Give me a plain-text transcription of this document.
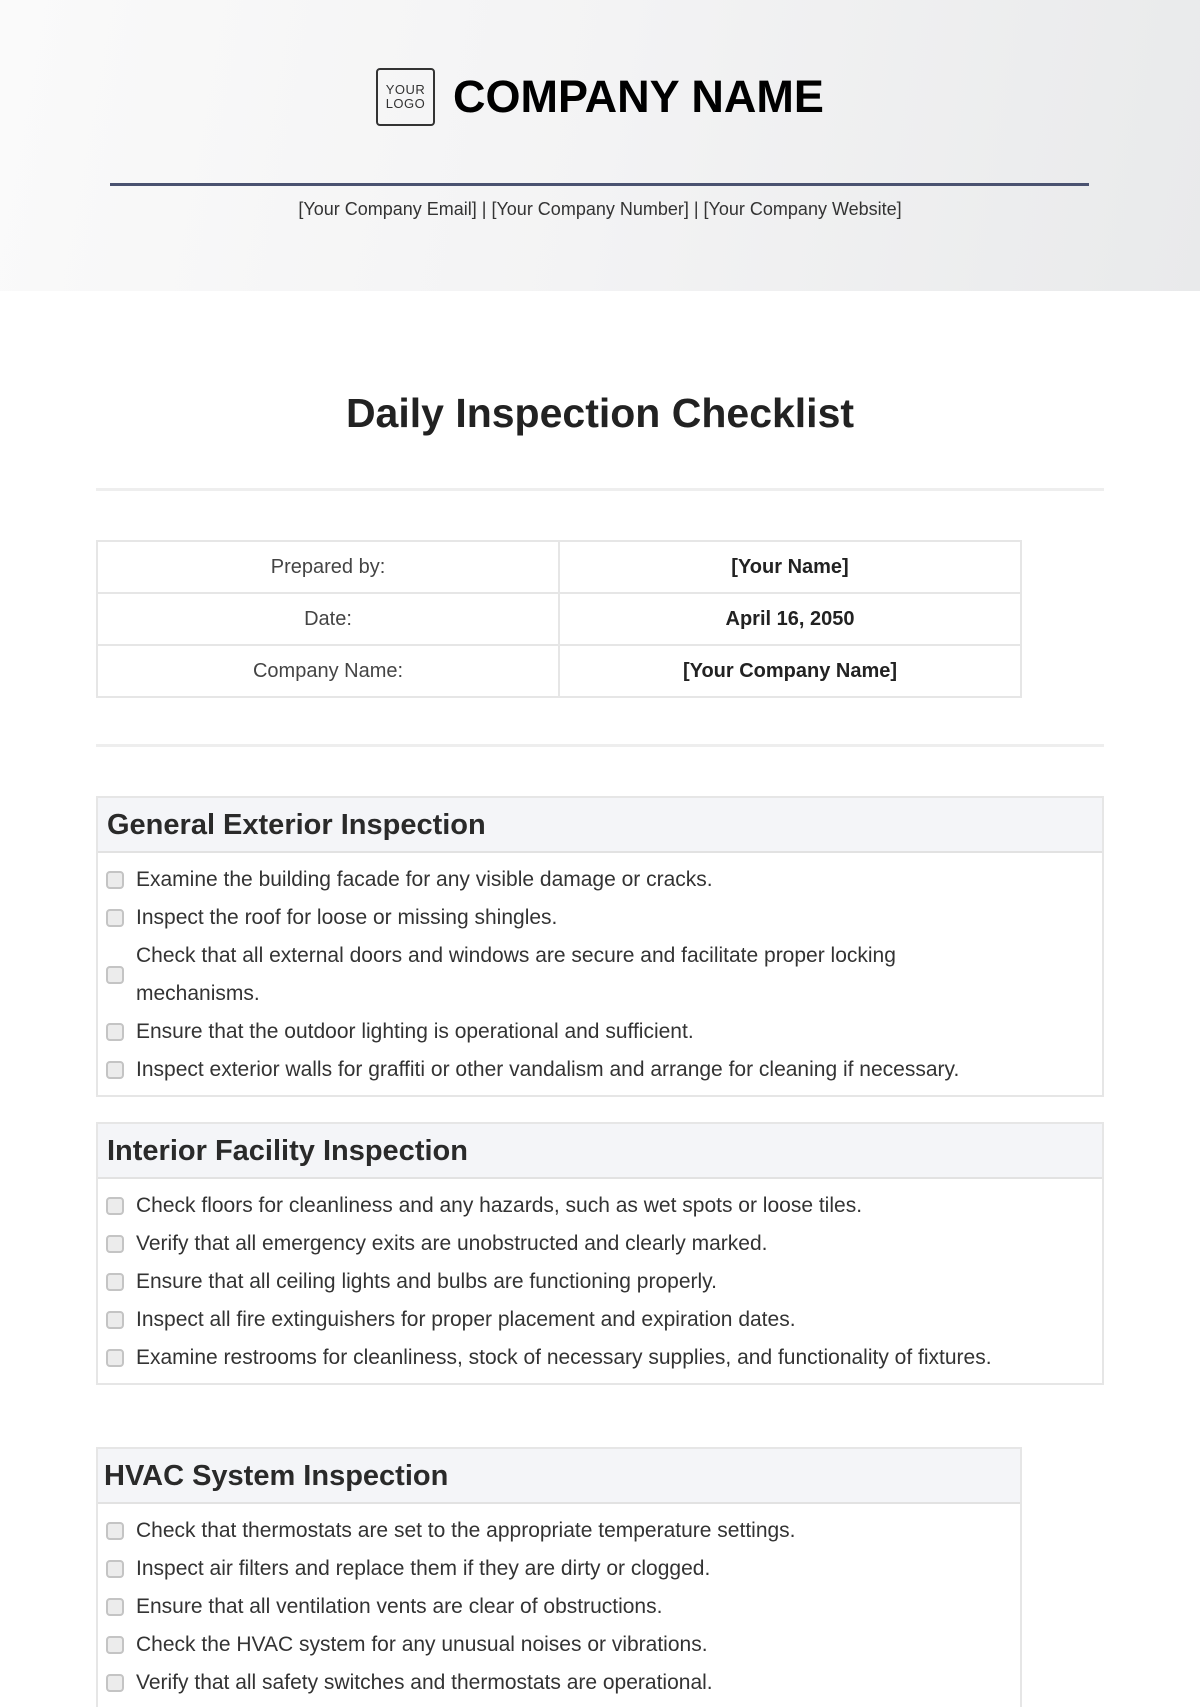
YOUR
LOGO COMPANY NAME
[Your Company Email] | [Your Company Number] | [Your Company Website]
Daily Inspection Checklist
Prepared by:	[Your Name]
Date:	April 16, 2050
Company Name:	[Your Company Name]
General Exterior Inspection
Examine the building facade for any visible damage or cracks.
Inspect the roof for loose or missing shingles.
Check that all external doors and windows are secure and facilitate proper locking mechanisms.
Ensure that the outdoor lighting is operational and sufficient.
Inspect exterior walls for graffiti or other vandalism and arrange for cleaning if necessary.
Interior Facility Inspection
Check floors for cleanliness and any hazards, such as wet spots or loose tiles.
Verify that all emergency exits are unobstructed and clearly marked.
Ensure that all ceiling lights and bulbs are functioning properly.
Inspect all fire extinguishers for proper placement and expiration dates.
Examine restrooms for cleanliness, stock of necessary supplies, and functionality of fixtures.
HVAC System Inspection
Check that thermostats are set to the appropriate temperature settings.
Inspect air filters and replace them if they are dirty or clogged.
Ensure that all ventilation vents are clear of obstructions.
Check the HVAC system for any unusual noises or vibrations.
Verify that all safety switches and thermostats are operational.
